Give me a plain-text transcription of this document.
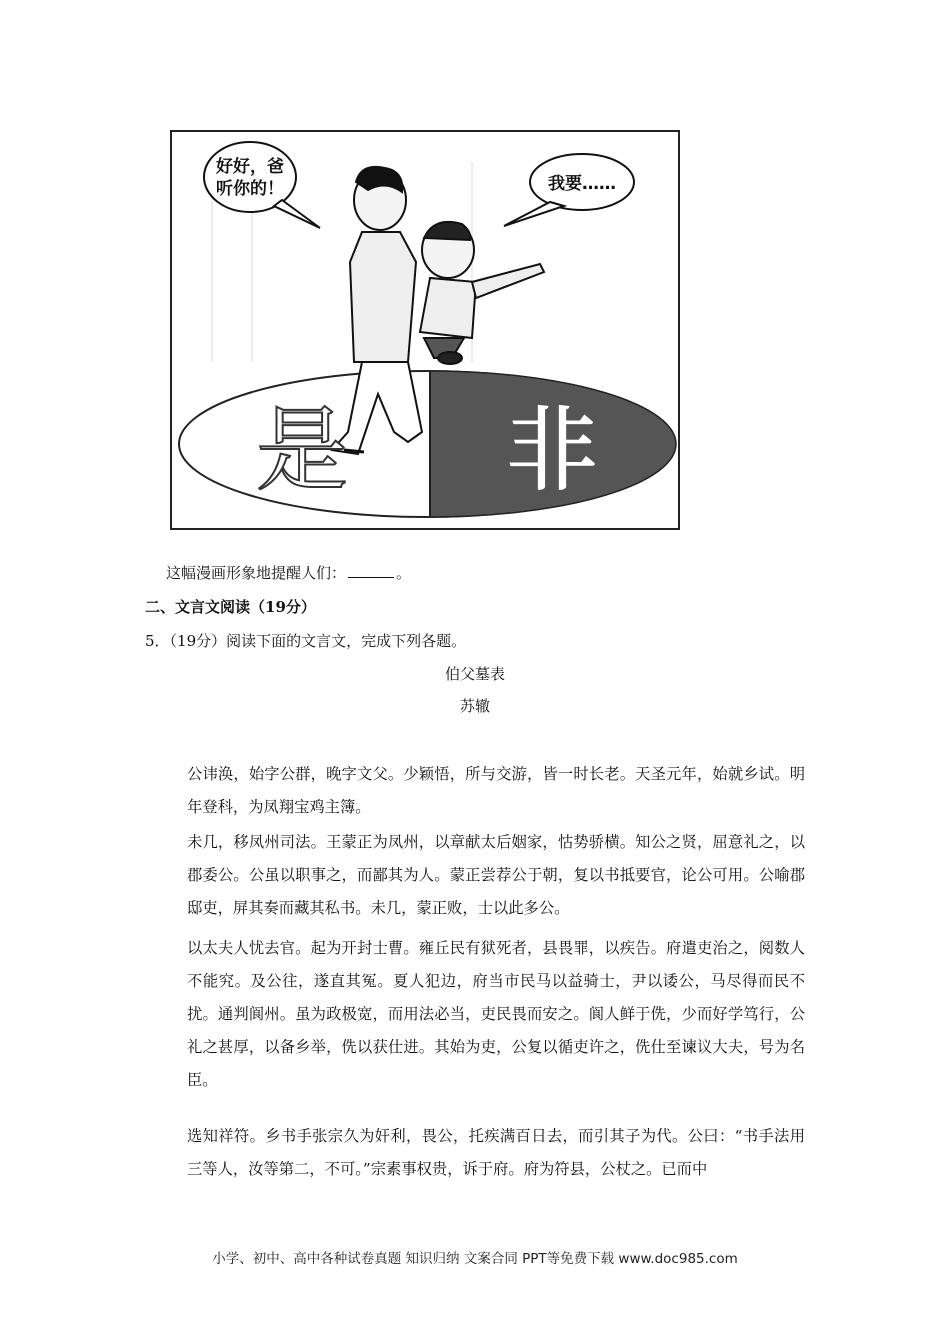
好好，爸
听你的！	我要……
是 非
这幅漫画形象地提醒人们：	。
二、文言文阅读（19分）
5．（19分）阅读下面的文言文，完成下列各题。
伯父墓表
苏辙
公讳涣，始字公群，晚字文父。少颖悟，所与交游，皆一时长老。天圣元年，始就乡试。明年登科，为凤翔宝鸡主簿。
未几，移凤州司法。王蒙正为凤州，以章献太后姻家，怙势骄横。知公之贤，屈意礼之，以郡委公。公虽以职事之，而鄙其为人。蒙正尝荐公于朝，复以书抵要官，论公可用。公喻郡邸吏，屏其奏而藏其私书。未几，蒙正败，士以此多公。
以太夫人忧去官。起为开封士曹。雍丘民有狱死者，县畏罪，以疾告。府遣吏治之，阅数人不能究。及公往，遂直其冤。夏人犯边，府当市民马以益骑士，尹以诿公，马尽得而民不扰。通判阆州。虽为政极宽，而用法必当，吏民畏而安之。阆人鲜于侁，少而好学笃行，公礼之甚厚，以备乡举，侁以获仕进。其始为吏，公复以循吏许之，侁仕至谏议大夫，号为名臣。
选知祥符。乡书手张宗久为奸利，畏公，托疾满百日去，而引其子为代。公曰：“书手法用三等人，汝等第二，不可。”宗素事权贵，诉于府。府为符县，公杖之。已而中
小学、初中、高中各种试卷真题 知识归纳 文案合同 PPT等免费下载 www.doc985.com
